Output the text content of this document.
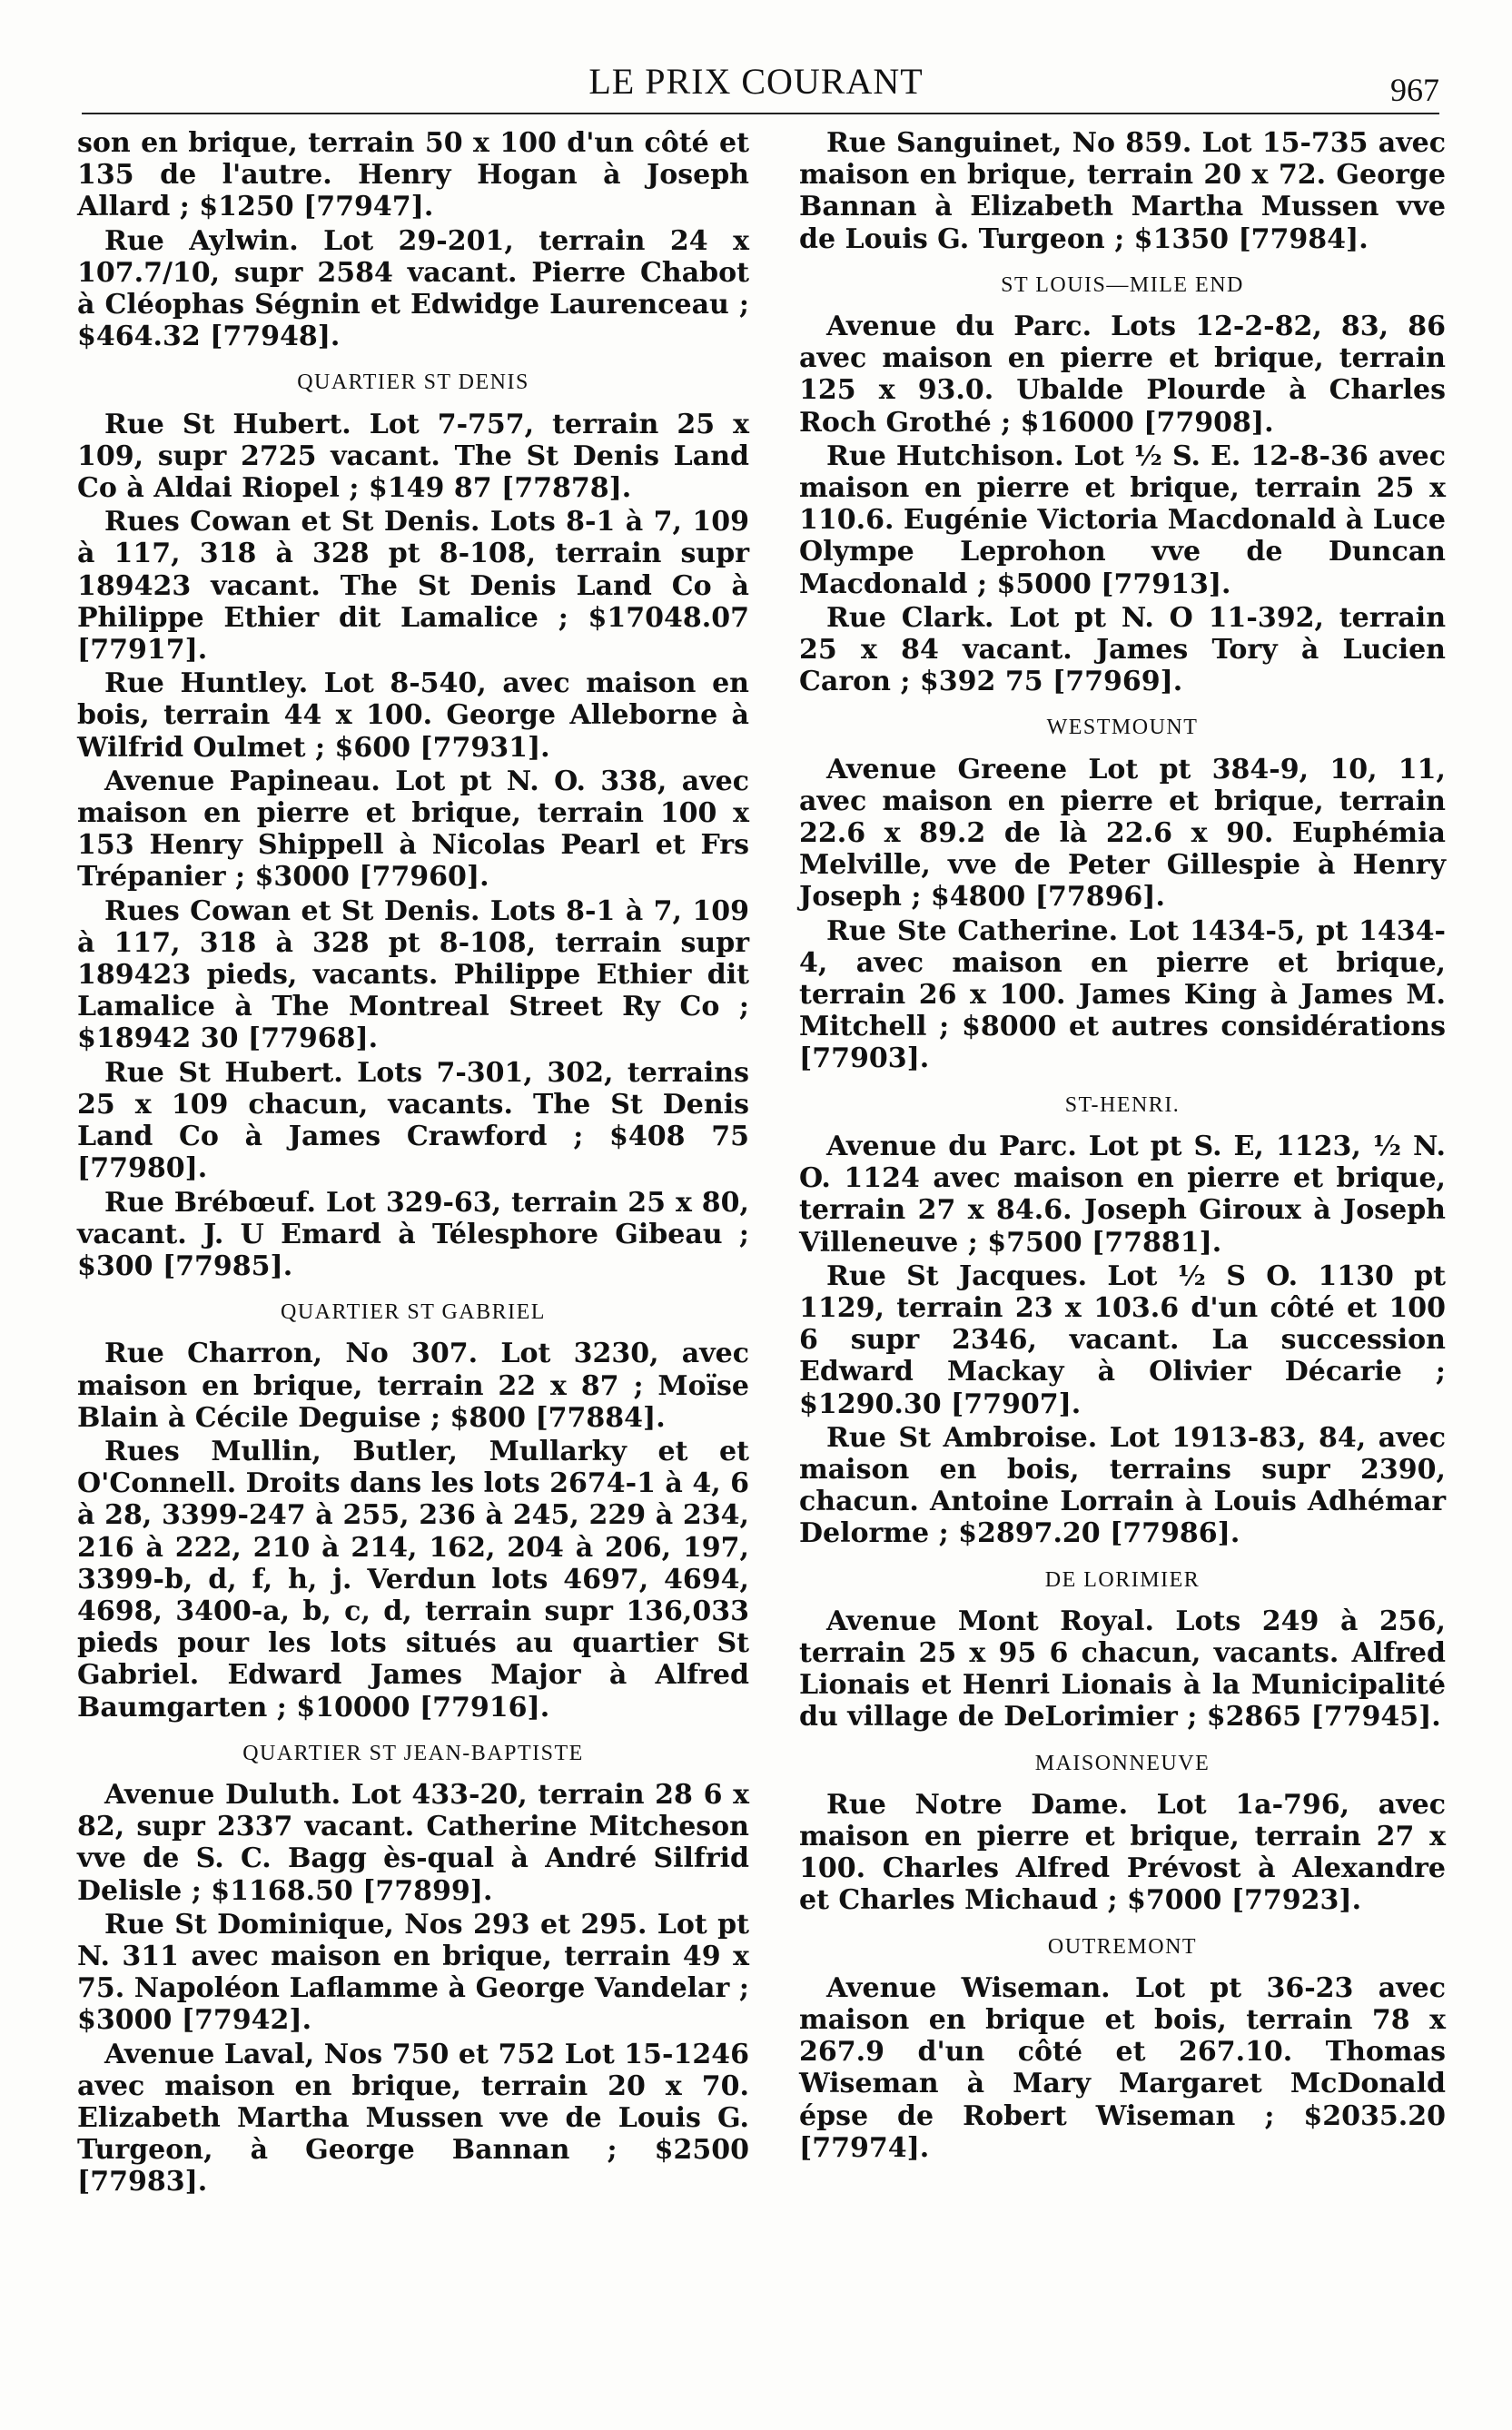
LE PRIX COURANT	967

son en brique, terrain 50 x 100 d'un côté et 135 de l'autre. Henry Hogan à Joseph Allard ; $1250 [77947].

Rue Aylwin. Lot 29-201, terrain 24 x 107.7/10, supr 2584 vacant. Pierre Chabot à Cléophas Ségnin et Edwidge Laurenceau ; $464.32 [77948].

QUARTIER ST DENIS

Rue St Hubert. Lot 7-757, terrain 25 x 109, supr 2725 vacant. The St Denis Land Co à Aldai Riopel ; $149 87 [77878].

Rues Cowan et St Denis. Lots 8-1 à 7, 109 à 117, 318 à 328 pt 8-108, terrain supr 189423 vacant. The St Denis Land Co à Philippe Ethier dit Lamalice ; $17048.07 [77917].

Rue Huntley. Lot 8-540, avec maison en bois, terrain 44 x 100. George Alleborne à Wilfrid Oulmet ; $600 [77931].

Avenue Papineau. Lot pt N. O. 338, avec maison en pierre et brique, terrain 100 x 153 Henry Shippell à Nicolas Pearl et Frs Trépanier ; $3000 [77960].

Rues Cowan et St Denis. Lots 8-1 à 7, 109 à 117, 318 à 328 pt 8-108, terrain supr 189423 pieds, vacants. Philippe Ethier dit Lamalice à The Montreal Street Ry Co ; $18942 30 [77968].

Rue St Hubert. Lots 7-301, 302, terrains 25 x 109 chacun, vacants. The St Denis Land Co à James Crawford ; $408 75 [77980].

Rue Brébœuf. Lot 329-63, terrain 25 x 80, vacant. J. U Emard à Télesphore Gibeau ; $300 [77985].

QUARTIER ST GABRIEL

Rue Charron, No 307. Lot 3230, avec maison en brique, terrain 22 x 87 ; Moïse Blain à Cécile Deguise ; $800 [77884].

Rues Mullin, Butler, Mullarky et et O'Connell. Droits dans les lots 2674-1 à 4, 6 à 28, 3399-247 à 255, 236 à 245, 229 à 234, 216 à 222, 210 à 214, 162, 204 à 206, 197, 3399-b, d, f, h, j. Verdun lots 4697, 4694, 4698, 3400-a, b, c, d, terrain supr 136,033 pieds pour les lots situés au quartier St Gabriel. Edward James Major à Alfred Baumgarten ; $10000 [77916].

QUARTIER ST JEAN-BAPTISTE

Avenue Duluth. Lot 433-20, terrain 28 6 x 82, supr 2337 vacant. Catherine Mitcheson vve de S. C. Bagg ès-qual à André Silfrid Delisle ; $1168.50 [77899].

Rue St Dominique, Nos 293 et 295. Lot pt N. 311 avec maison en brique, terrain 49 x 75. Napoléon Laflamme à George Vandelar ; $3000 [77942].

Avenue Laval, Nos 750 et 752 Lot 15-1246 avec maison en brique, terrain 20 x 70. Elizabeth Martha Mussen vve de Louis G. Turgeon, à George Bannan ; $2500 [77983].

Rue Sanguinet, No 859. Lot 15-735 avec maison en brique, terrain 20 x 72. George Bannan à Elizabeth Martha Mussen vve de Louis G. Turgeon ; $1350 [77984].

ST LOUIS—MILE END

Avenue du Parc. Lots 12-2-82, 83, 86 avec maison en pierre et brique, terrain 125 x 93.0. Ubalde Plourde à Charles Roch Grothé ; $16000 [77908].

Rue Hutchison. Lot ½ S. E. 12-8-36 avec maison en pierre et brique, terrain 25 x 110.6. Eugénie Victoria Macdonald à Luce Olympe Leprohon vve de Duncan Macdonald ; $5000 [77913].

Rue Clark. Lot pt N. O 11-392, terrain 25 x 84 vacant. James Tory à Lucien Caron ; $392 75 [77969].

WESTMOUNT

Avenue Greene Lot pt 384-9, 10, 11, avec maison en pierre et brique, terrain 22.6 x 89.2 de là 22.6 x 90. Euphémia Melville, vve de Peter Gillespie à Henry Joseph ; $4800 [77896].

Rue Ste Catherine. Lot 1434-5, pt 1434-4, avec maison en pierre et brique, terrain 26 x 100. James King à James M. Mitchell ; $8000 et autres considérations [77903].

ST-HENRI.

Avenue du Parc. Lot pt S. E, 1123, ½ N. O. 1124 avec maison en pierre et brique, terrain 27 x 84.6. Joseph Giroux à Joseph Villeneuve ; $7500 [77881].

Rue St Jacques. Lot ½ S O. 1130 pt 1129, terrain 23 x 103.6 d'un côté et 100 6 supr 2346, vacant. La succession Edward Mackay à Olivier Décarie ; $1290.30 [77907].

Rue St Ambroise. Lot 1913-83, 84, avec maison en bois, terrains supr 2390, chacun. Antoine Lorrain à Louis Adhémar Delorme ; $2897.20 [77986].

DE LORIMIER

Avenue Mont Royal. Lots 249 à 256, terrain 25 x 95 6 chacun, vacants. Alfred Lionais et Henri Lionais à la Municipalité du village de DeLorimier ; $2865 [77945].

MAISONNEUVE

Rue Notre Dame. Lot 1a-796, avec maison en pierre et brique, terrain 27 x 100. Charles Alfred Prévost à Alexandre et Charles Michaud ; $7000 [77923].

OUTREMONT

Avenue Wiseman. Lot pt 36-23 avec maison en brique et bois, terrain 78 x 267.9 d'un côté et 267.10. Thomas Wiseman à Mary Margaret McDonald épse de Robert Wiseman ; $2035.20 [77974].
